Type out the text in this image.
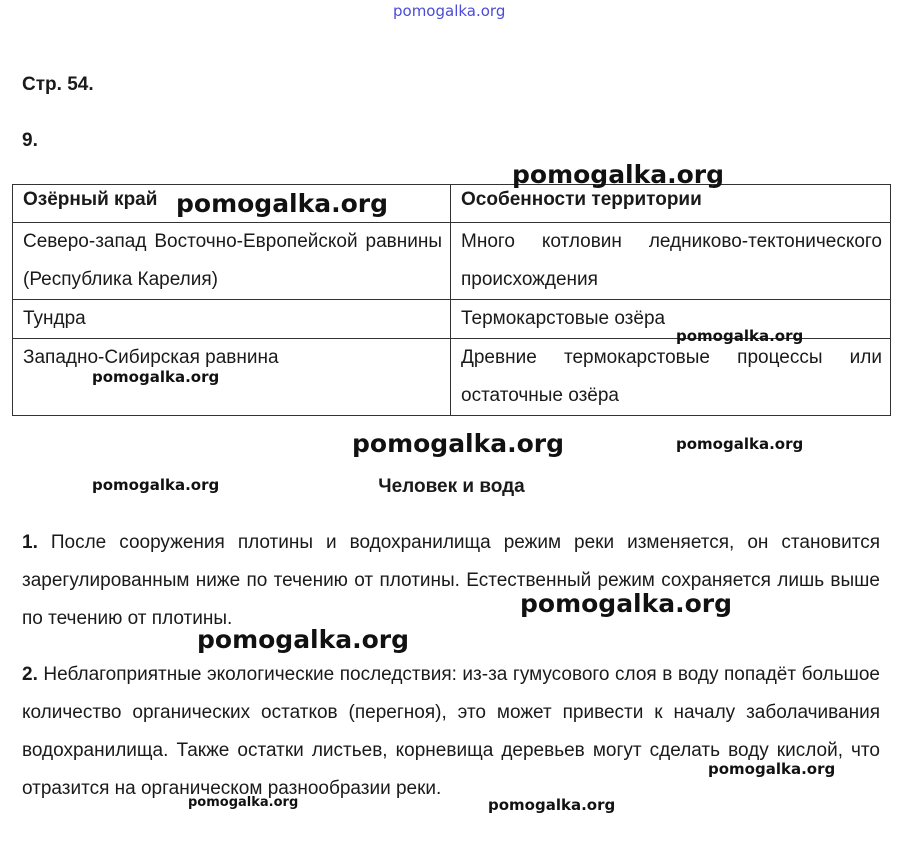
pomogalka.org
Стр. 54.
9.
Озёрный край	Особенности территории
Северо-запад Восточно-Европейской равнины (Республика Карелия)	Много котловин ледниково-тектонического происхождения
Тундра	Термокарстовые озёра
Западно-Сибирская равнина	Древние термокарстовые процессы или остаточные озёра
Человек и вода
1. После сооружения плотины и водохранилища режим реки изменяется, он становится зарегулированным ниже по течению от плотины. Естественный режим сохраняется лишь выше по течению от плотины.
2. Неблагоприятные экологические последствия: из-за гумусового слоя в воду попадёт большое количество органических остатков (перегноя), это может привести к началу заболачивания водохранилища. Также остатки листьев, корневища деревьев могут сделать воду кислой, что отразится на органическом разнообразии реки.
pomogalka.org
pomogalka.org
pomogalka.org
pomogalka.org
pomogalka.org	pomogalka.org
pomogalka.org
pomogalka.org
pomogalka.org
pomogalka.org
pomogalka.org	pomogalka.org
